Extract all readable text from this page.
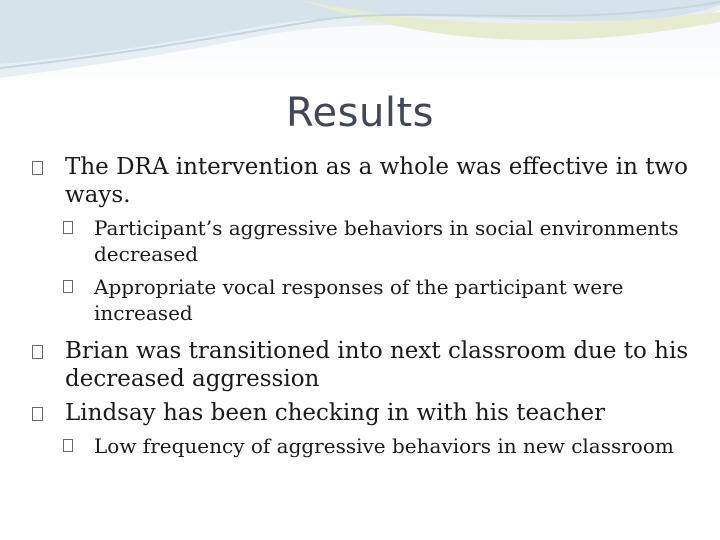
Results
The DRA intervention as a whole was effective in two ways.
Participant’s aggressive behaviors in social environments decreased
Appropriate vocal responses of the participant were increased
Brian was transitioned into next classroom due to his decreased aggression
Lindsay has been checking in with his teacher
Low frequency of aggressive behaviors in new classroom
